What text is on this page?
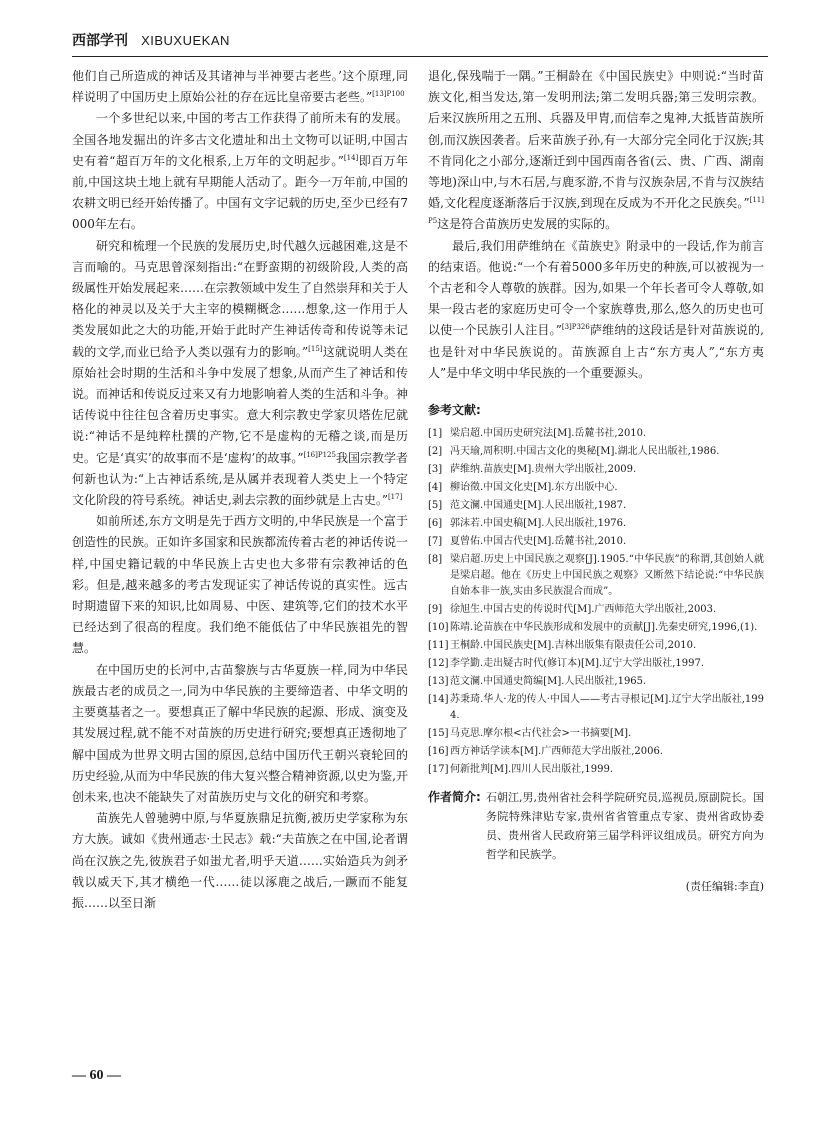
西部学刊 XIBUXUEKAN

他们自己所造成的神话及其诸神与半神要古老些。’这个原理,同样说明了中国历史上原始公社的存在远比皇帝要古老些。”$^{[13]P100}$

一个多世纪以来,中国的考古工作获得了前所未有的发展。全国各地发掘出的许多古文化遗址和出土文物可以证明,中国古史有着“超百万年的文化根系,上万年的文明起步。”[14]即百万年前,中国这块土地上就有早期能人活动了。距今一万年前,中国的农耕文明已经开始传播了。中国有文字记载的历史,至少已经有7000年左右。

研究和梳理一个民族的发展历史,时代越久远越困难,这是不言而喻的。马克思曾深刻指出:“在野蛮期的初级阶段,人类的高级属性开始发展起来……在宗教领域中发生了自然崇拜和关于人格化的神灵以及关于大主宰的模糊概念……想象,这一作用于人类发展如此之大的功能,开始于此时产生神话传奇和传说等未记载的文学,而业已给予人类以强有力的影响。”[15]这就说明人类在原始社会时期的生活和斗争中发展了想象,从而产生了神话和传说。而神话和传说反过来又有力地影响着人类的生活和斗争。神话传说中往往包含着历史事实。意大利宗教史学家贝塔佐尼就说:“神话不是纯粹杜撰的产物,它不是虚构的无稽之谈,而是历史。它是‘真实’的故事而不是‘虚构’的故事。”$^{[16]P125}$我国宗教学者何新也认为:“上古神话系统,是从属并表现着人类史上一个特定文化阶段的符号系统。神话史,剥去宗教的面纱就是上古史。”[17]

如前所述,东方文明是先于西方文明的,中华民族是一个富于创造性的民族。正如许多国家和民族都流传着古老的神话传说一样,中国史籍记载的中华民族上古史也大多带有宗教神话的色彩。但是,越来越多的考古发现证实了神话传说的真实性。远古时期遗留下来的知识,比如周易、中医、建筑等,它们的技术水平已经达到了很高的程度。我们绝不能低估了中华民族祖先的智慧。

在中国历史的长河中,古苗黎族与古华夏族一样,同为中华民族最古老的成员之一,同为中华民族的主要缔造者、中华文明的主要奠基者之一。要想真正了解中华民族的起源、形成、演变及其发展过程,就不能不对苗族的历史进行研究;要想真正透彻地了解中国成为世界文明古国的原因,总结中国历代王朝兴衰轮回的历史经验,从而为中华民族的伟大复兴整合精神资源,以史为鉴,开创未来,也决不能缺失了对苗族历史与文化的研究和考察。

苗族先人曾驰骋中原,与华夏族鼎足抗衡,被历史学家称为东方大族。诚如《贵州通志·土民志》载:“夫苗族之在中国,论者谓尚在汉族之先,彼族君子如蚩尤者,明乎天道……实始造兵为剑矛戟以威天下,其才横绝一代……徒以涿鹿之战后,一蹶而不能复振……以至日渐

退化,保残喘于一隅。”王桐龄在《中国民族史》中则说:“当时苗族文化,相当发达,第一发明刑法;第二发明兵器;第三发明宗教。后来汉族所用之五刑、兵器及甲胄,而信奉之鬼神,大抵皆苗族所创,而汉族因袭者。后来苗族子孙,有一大部分完全同化于汉族;其不肯同化之小部分,逐渐迁到中国西南各省(云、贵、广西、湖南等地)深山中,与木石居,与鹿豕游,不肯与汉族杂居,不肯与汉族结婚,文化程度逐渐落后于汉族,到现在反成为不开化之民族矣。”$^{[11]P5}$这是符合苗族历史发展的实际的。

最后,我们用萨维纳在《苗族史》附录中的一段话,作为前言的结束语。他说:“一个有着5000多年历史的种族,可以被视为一个古老和令人尊敬的族群。因为,如果一个年长者可令人尊敬,如果一段古老的家庭历史可令一个家族尊贵,那么,悠久的历史也可以使一个民族引人注目。”$^{[3]P326}$萨维纳的这段话是针对苗族说的,也是针对中华民族说的。苗族源自上古“东方夷人”,“东方夷人”是中华文明中华民族的一个重要源头。

参考文献:
[1] 梁启超.中国历史研究法[M].岳麓书社,2010.
[2] 冯天瑜,周积明.中国古文化的奥秘[M].湖北人民出版社,1986.
[3] 萨维纳.苗族史[M].贵州大学出版社,2009.
[4] 柳诒徵.中国文化史[M].东方出版中心.
[5] 范文澜.中国通史[M].人民出版社,1987.
[6] 郭沫若.中国史稿[M].人民出版社,1976.
[7] 夏曾佑.中国古代史[M].岳麓书社,2010.
[8] 梁启超.历史上中国民族之观察[J].1905.“中华民族”的称谓,其创始人就是梁启超。他在《历史上中国民族之观察》又断然下结论说:“中华民族自始本非一族,实由多民族混合而成”。
[9] 徐旭生.中国古史的传说时代[M].广西师范大学出版社,2003.
[10] 陈靖.论苗族在中华民族形成和发展中的贡献[J].先秦史研究,1996,(1).
[11] 王桐龄.中国民族史[M].吉林出版集有限责任公司,2010.
[12] 李学勤.走出疑古时代(修订本)[M].辽宁大学出版社,1997.
[13] 范文澜.中国通史简编[M].人民出版社,1965.
[14] 苏秉琦.华人·龙的传人·中国人——考古寻根记[M].辽宁大学出版社,1994.
[15] 马克思.摩尔根<古代社会>一书摘要[M].
[16] 西方神话学读本[M].广西师范大学出版社,2006.
[17] 何新批判[M].四川人民出版社,1999.
作者简介: 石朝江,男,贵州省社会科学院研究员,巡视员,原副院长。国务院特殊津贴专家,贵州省省管重点专家、贵州省政协委员、贵州省人民政府第三届学科评议组成员。研究方向为哲学和民族学。
(责任编辑:李直)
— 60 —
